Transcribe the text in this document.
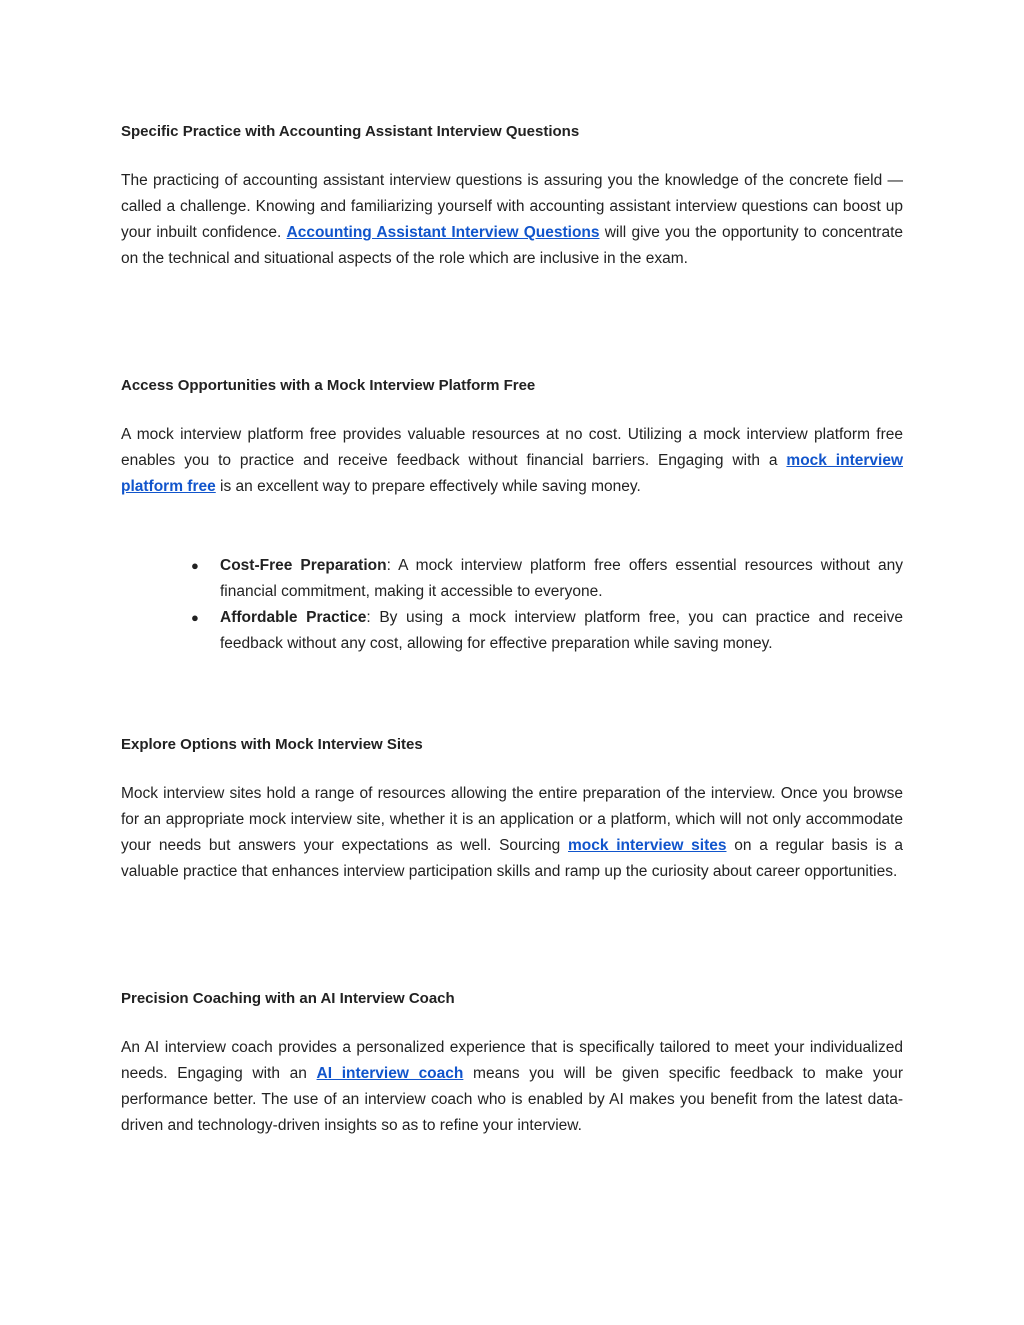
Specific Practice with Accounting Assistant Interview Questions

The practicing of accounting assistant interview questions is assuring you the knowledge of the concrete field — called a challenge. Knowing and familiarizing yourself with accounting assistant interview questions can boost up your inbuilt confidence. Accounting Assistant Interview Questions will give you the opportunity to concentrate on the technical and situational aspects of the role which are inclusive in the exam.

Access Opportunities with a Mock Interview Platform Free

A mock interview platform free provides valuable resources at no cost. Utilizing a mock interview platform free enables you to practice and receive feedback without financial barriers. Engaging with a mock interview platform free is an excellent way to prepare effectively while saving money.

● Cost-Free Preparation: A mock interview platform free offers essential resources without any financial commitment, making it accessible to everyone.
● Affordable Practice: By using a mock interview platform free, you can practice and receive feedback without any cost, allowing for effective preparation while saving money.
Explore Options with Mock Interview Sites

Mock interview sites hold a range of resources allowing the entire preparation of the interview. Once you browse for an appropriate mock interview site, whether it is an application or a platform, which will not only accommodate your needs but answers your expectations as well. Sourcing mock interview sites on a regular basis is a valuable practice that enhances interview participation skills and ramp up the curiosity about career opportunities.

Precision Coaching with an AI Interview Coach

An AI interview coach provides a personalized experience that is specifically tailored to meet your individualized needs. Engaging with an AI interview coach means you will be given specific feedback to make your performance better. The use of an interview coach who is enabled by AI makes you benefit from the latest data-driven and technology-driven insights so as to refine your interview.
